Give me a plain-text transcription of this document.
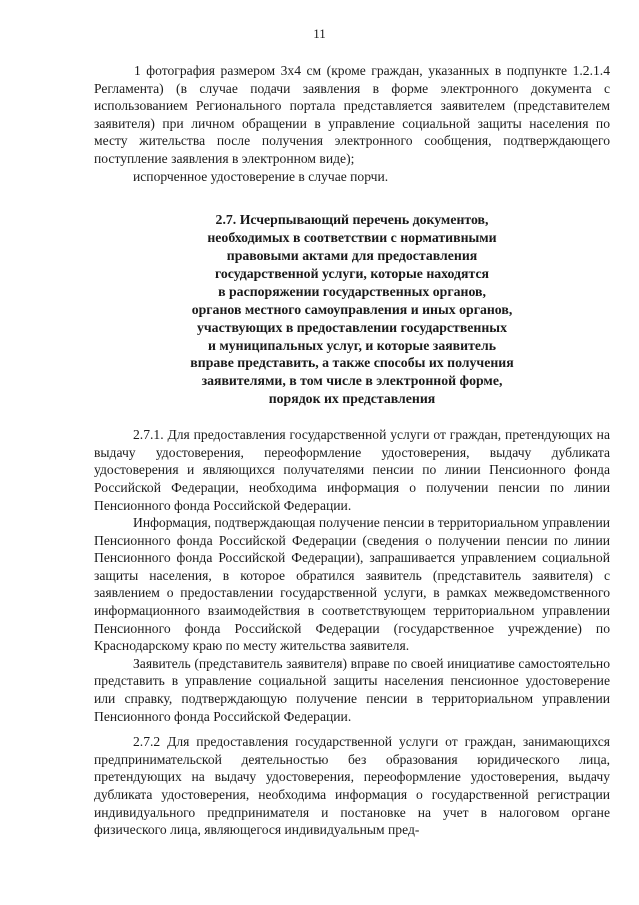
11

1 фотография размером 3х4 см (кроме граждан, указанных в подпункте 1.2.1.4 Регламента) (в случае подачи заявления в форме электронного документа с использованием Регионального портала представляется заявителем (представителем заявителя) при личном обращении в управление социальной защиты населения по месту жительства после получения электронного сообщения, подтверждающего поступление заявления в электронном виде);

испорченное удостоверение в случае порчи.

2.7. Исчерпывающий перечень документов,
необходимых в соответствии с нормативными
правовыми актами для предоставления
государственной услуги, которые находятся
в распоряжении государственных органов,
органов местного самоуправления и иных органов,
участвующих в предоставлении государственных
и муниципальных услуг, и которые заявитель
вправе представить, а также способы их получения
заявителями, в том числе в электронной форме,
порядок их представления

2.7.1. Для предоставления государственной услуги от граждан, претендующих на выдачу удостоверения, переоформление удостоверения, выдачу дубликата удостоверения и являющихся получателями пенсии по линии Пенсионного фонда Российской Федерации, необходима информация о получении пенсии по линии Пенсионного фонда Российской Федерации.

Информация, подтверждающая получение пенсии в территориальном управлении Пенсионного фонда Российской Федерации (сведения о получении пенсии по линии Пенсионного фонда Российской Федерации), запрашивается управлением социальной защиты населения, в которое обратился заявитель (представитель заявителя) с заявлением о предоставлении государственной услуги, в рамках межведомственного информационного взаимодействия в соответствующем территориальном управлении Пенсионного фонда Российской Федерации (государственное учреждение) по Краснодарскому краю по месту жительства заявителя.

Заявитель (представитель заявителя) вправе по своей инициативе самостоятельно представить в управление социальной защиты населения пенсионное удостоверение или справку, подтверждающую получение пенсии в территориальном управлении Пенсионного фонда Российской Федерации.

2.7.2 Для предоставления государственной услуги от граждан, занимающихся предпринимательской деятельностью без образования юридического лица, претендующих на выдачу удостоверения, переоформление удостоверения, выдачу дубликата удостоверения, необходима информация о государственной регистрации индивидуального предпринимателя и постановке на учет в налоговом органе физического лица, являющегося индивидуальным пред-
